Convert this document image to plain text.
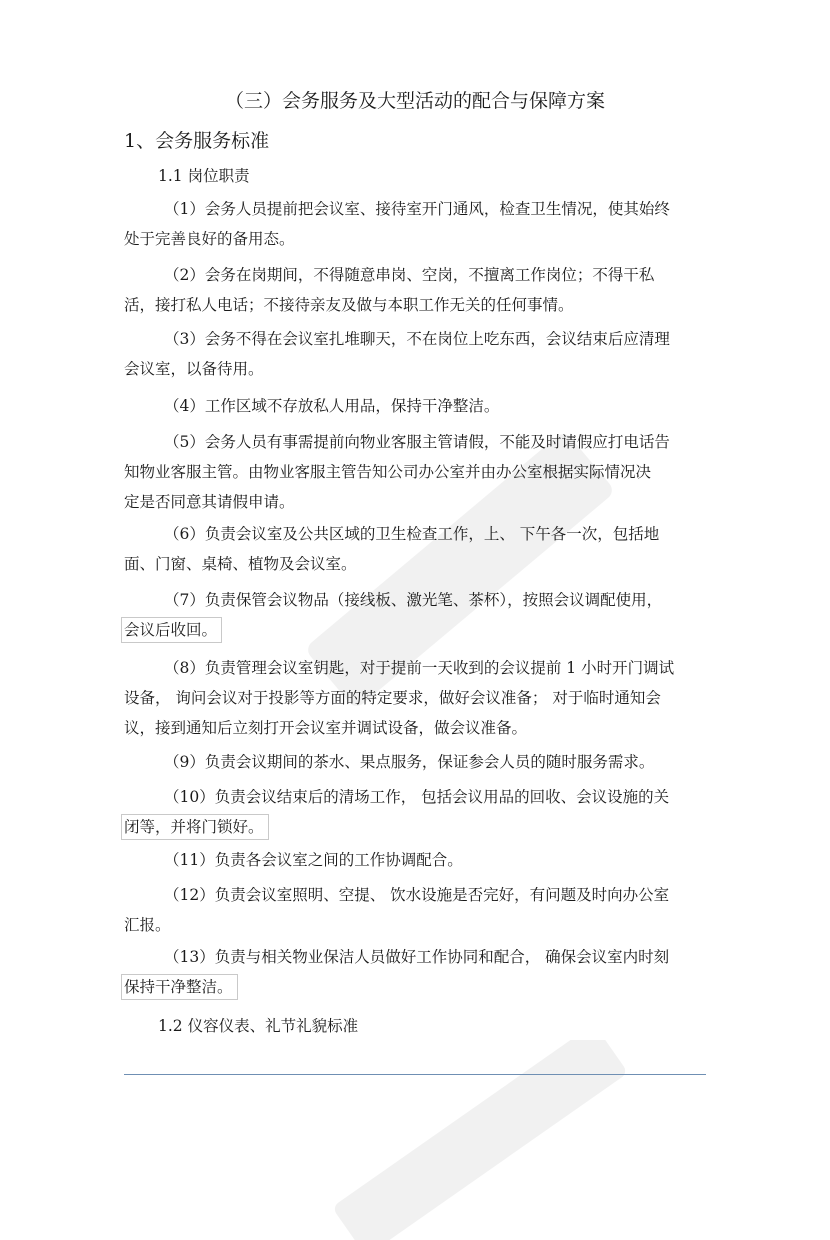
（三）会务服务及大型活动的配合与保障方案
1、会务服务标准
1.1 岗位职责
（1）会务人员提前把会议室、接待室开门通风，检查卫生情况，使其始终
处于完善良好的备用态。
（2）会务在岗期间，不得随意串岗、空岗，不擅离工作岗位；不得干私
活，接打私人电话；不接待亲友及做与本职工作无关的任何事情。
（3）会务不得在会议室扎堆聊天，不在岗位上吃东西，会议结束后应清理
会议室，以备待用。
（4）工作区域不存放私人用品，保持干净整洁。
（5）会务人员有事需提前向物业客服主管请假，不能及时请假应打电话告
知物业客服主管。由物业客服主管告知公司办公室并由办公室根据实际情况决
定是否同意其请假申请。
（6）负责会议室及公共区域的卫生检查工作，上、 下午各一次，包括地
面、门窗、桌椅、植物及会议室。
（7）负责保管会议物品（接线板、激光笔、茶杯），按照会议调配使用，
会议后收回。
（8）负责管理会议室钥匙，对于提前一天收到的会议提前 1 小时开门调试
设备， 询问会议对于投影等方面的特定要求，做好会议准备； 对于临时通知会
议，接到通知后立刻打开会议室并调试设备，做会议准备。
（9）负责会议期间的茶水、果点服务，保证参会人员的随时服务需求。
（10）负责会议结束后的清场工作， 包括会议用品的回收、会议设施的关
闭等，并将门锁好。
（11）负责各会议室之间的工作协调配合。
（12）负责会议室照明、空提、 饮水设施是否完好，有问题及时向办公室
汇报。
（13）负责与相关物业保洁人员做好工作协同和配合， 确保会议室内时刻
保持干净整洁。
1.2 仪容仪表、礼节礼貌标准
